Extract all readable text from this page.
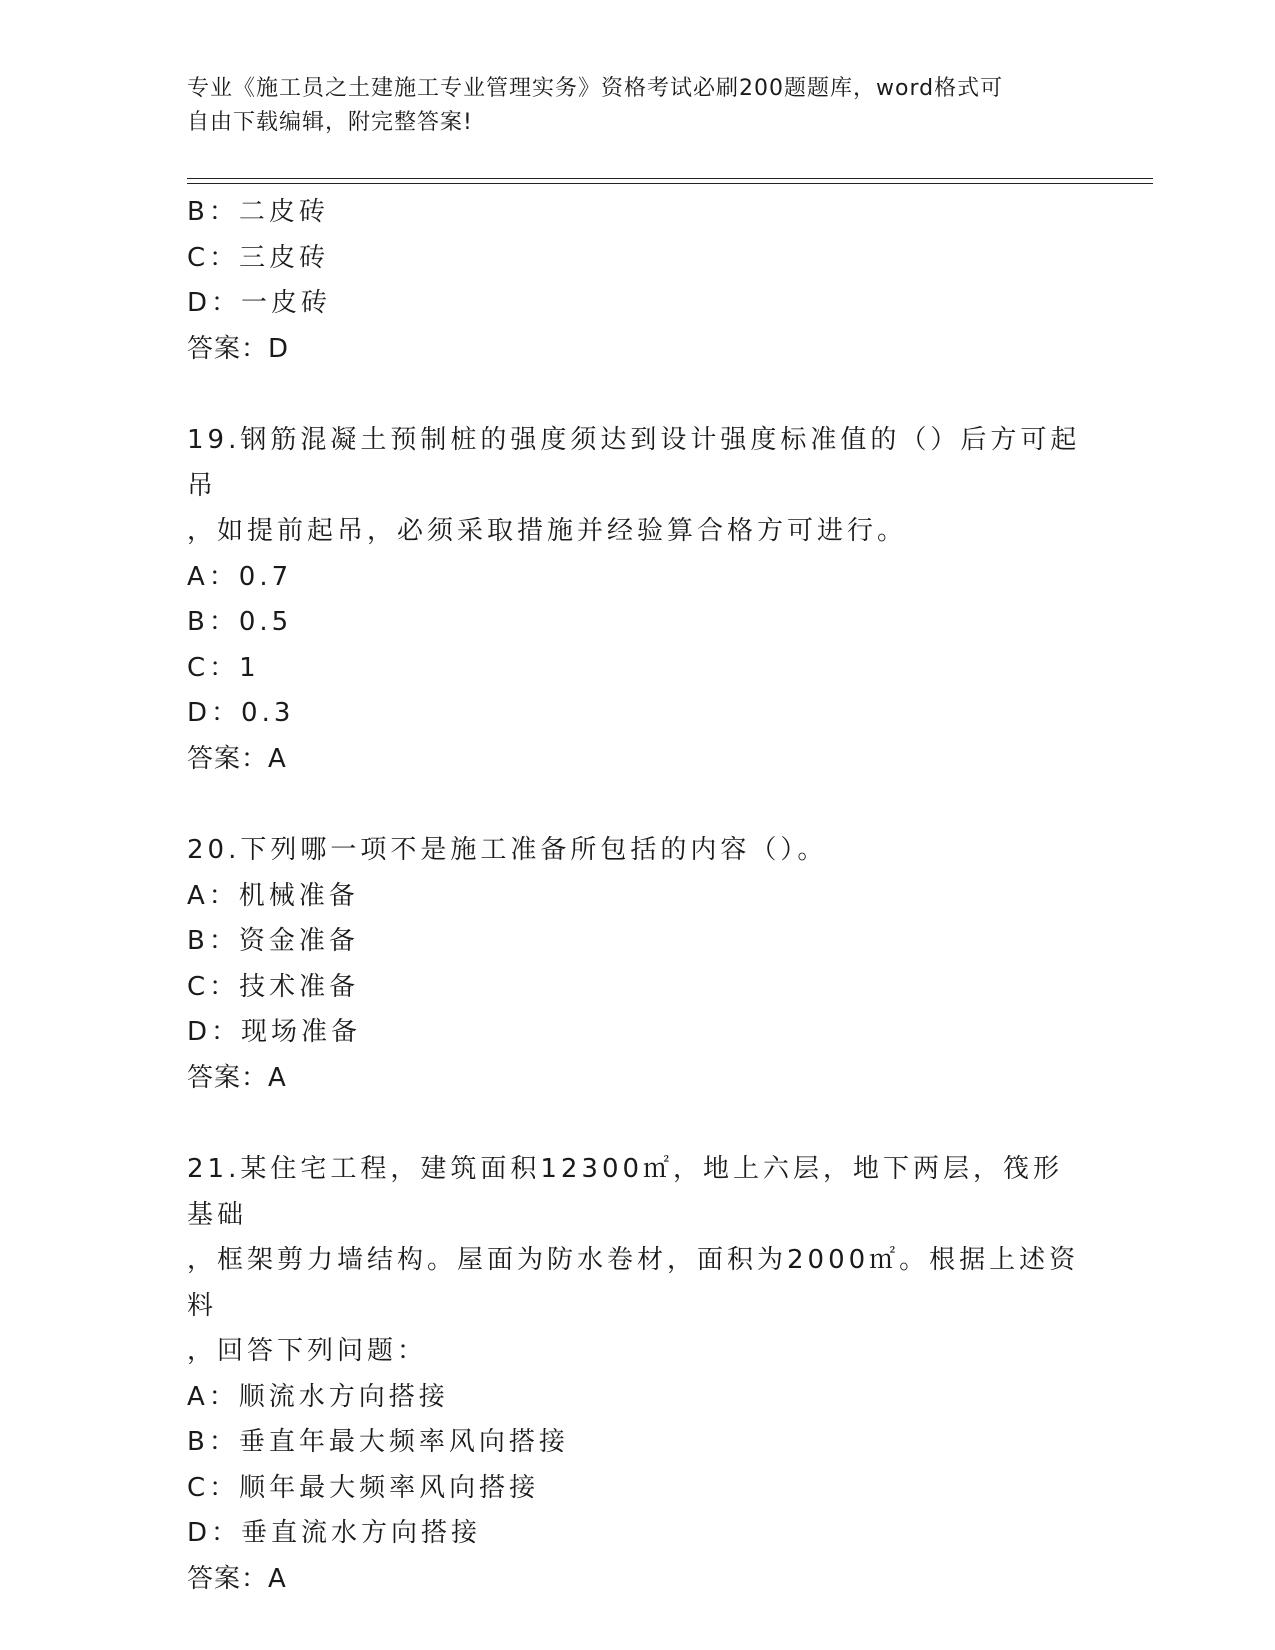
专业《施工员之土建施工专业管理实务》资格考试必刷200题题库，word格式可
自由下载编辑，附完整答案!
B：二皮砖
C：三皮砖
D：一皮砖
答案：D
19.钢筋混凝土预制桩的强度须达到设计强度标准值的（）后方可起吊
，如提前起吊，必须采取措施并经验算合格方可进行。
A：0.7
B：0.5
C：1
D：0.3
答案：A
20.下列哪一项不是施工准备所包括的内容（）。
A：机械准备
B：资金准备
C：技术准备
D：现场准备
答案：A
21.某住宅工程，建筑面积12300㎡，地上六层，地下两层，筏形基础
，框架剪力墙结构。屋面为防水卷材，面积为2000㎡。根据上述资料
，回答下列问题：
A：顺流水方向搭接
B：垂直年最大频率风向搭接
C：顺年最大频率风向搭接
D：垂直流水方向搭接
答案：A
